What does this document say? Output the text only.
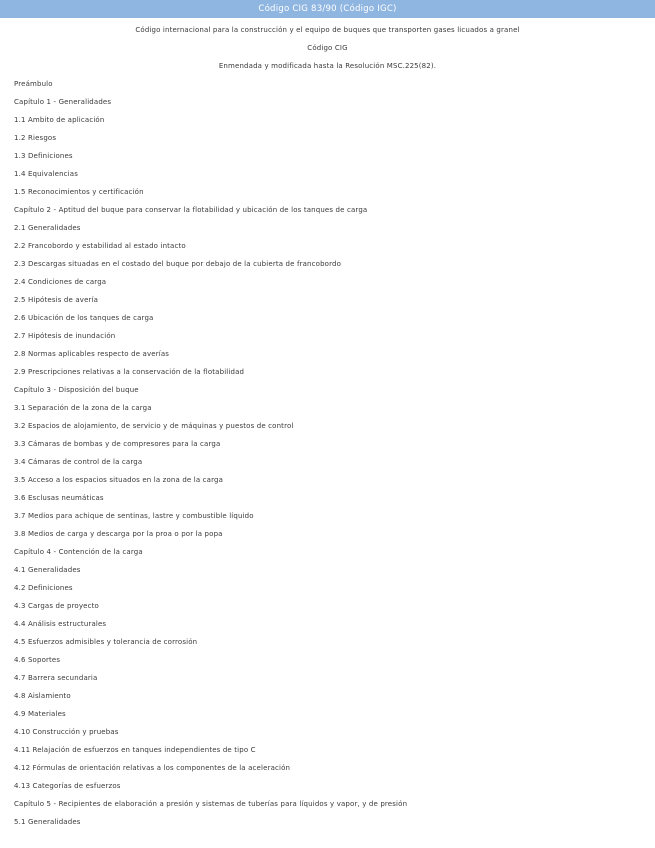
Código CIG 83/90 (Código IGC)
Código internacional para la construcción y el equipo de buques que transporten gases licuados a granel
Código CIG
Enmendada y modificada hasta la Resolución MSC.225(82).
Preámbulo
Capítulo 1 - Generalidades
1.1 Ambito de aplicación
1.2 Riesgos
1.3 Definiciones
1.4 Equivalencias
1.5 Reconocimientos y certificación
Capítulo 2 - Aptitud del buque para conservar la flotabilidad y ubicación de los tanques de carga
2.1 Generalidades
2.2 Francobordo y estabilidad al estado intacto
2.3 Descargas situadas en el costado del buque por debajo de la cubierta de francobordo
2.4 Condiciones de carga
2.5 Hipótesis de avería
2.6 Ubicación de los tanques de carga
2.7 Hipótesis de inundación
2.8 Normas aplicables respecto de averías
2.9 Prescripciones relativas a la conservación de la flotabilidad
Capítulo 3 - Disposición del buque
3.1 Separación de la zona de la carga
3.2 Espacios de alojamiento, de servicio y de máquinas y puestos de control
3.3 Cámaras de bombas y de compresores para la carga
3.4 Cámaras de control de la carga
3.5 Acceso a los espacios situados en la zona de la carga
3.6 Esclusas neumáticas
3.7 Medios para achique de sentinas, lastre y combustible líquido
3.8 Medios de carga y descarga por la proa o por la popa
Capítulo 4 - Contención de la carga
4.1 Generalidades
4.2 Definiciones
4.3 Cargas de proyecto
4.4 Análisis estructurales
4.5 Esfuerzos admisibles y tolerancia de corrosión
4.6 Soportes
4.7 Barrera secundaria
4.8 Aislamiento
4.9 Materiales
4.10 Construcción y pruebas
4.11 Relajación de esfuerzos en tanques independientes de tipo C
4.12 Fórmulas de orientación relativas a los componentes de la aceleración
4.13 Categorías de esfuerzos
Capítulo 5 - Recipientes de elaboración a presión y sistemas de tuberías para líquidos y vapor, y de presión
5.1 Generalidades
